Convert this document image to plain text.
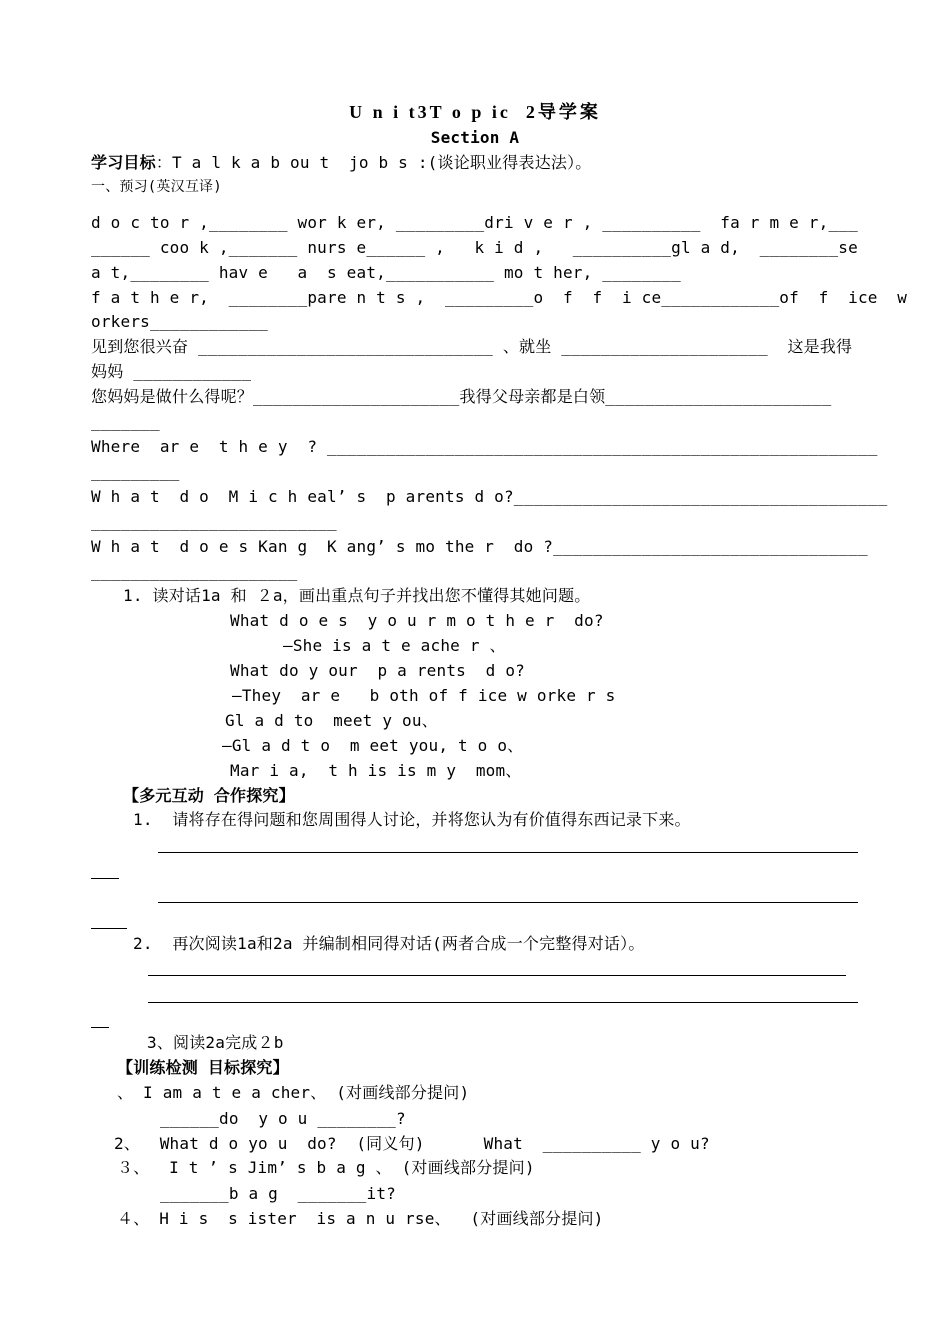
U n i t3T o p ic  2导学案
Section A
学习目标：T a l k a b ou t  jo b s :(谈论职业得表达法）。
一、预习(英汉互译)
d o c to r ,________ wor k er, _________dri v e r , __________  fa r m e r,___
______ coo k ,_______ nurs e______ ,   k i d ,   __________gl a d,  ________se
a t,________ hav e   a  s eat,___________ mo t her, ________
f a t h e r,  ________pare n t s ,  _________o  f  f  i ce____________of  f  ice  w
orkers____________
见到您很兴奋 ______________________________ 、就坐 _____________________  这是我得
妈妈 ____________
您妈妈是做什么得呢？_____________________我得父母亲都是白领_______________________
_______
Where  ar e  t h e y  ? ________________________________________________________
_________
W h a t  d o  M i c h eal’ s  p arents d o?______________________________________
_________________________
W h a t  d o e s Kan g  K ang’ s mo the r  do ?________________________________
_____________________
1. 读对话1a 和 ２a，画出重点句子并找出您不懂得其她问题。
What d o e s  y o u r m o t h e r  do?
—She is a t e ache r 、
What do y our  p a rents  d o?
—They  ar e   b oth of f ice w orke r s
Gl a d to  meet y ou、
—Gl a d t o  m eet you, t o o、
Mar i a,  t h is is m y  mom、
【多元互动 合作探究】
1.  请将存在得问题和您周围得人讨论，并将您认为有价值得东西记录下来。
2.  再次阅读1a和2a 并编制相同得对话(两者合成一个完整得对话）。
3、阅读2a完成２b
【训练检测 目标探究】
、 I am a t e a cher、 (对画线部分提问)
______do  y o u ________?
2、  What d o yo u  do?  (同义句)      What  __________ y o u?
３、  I t ’ s Jim’ s b a g 、 (对画线部分提问)
_______b a g  _______it?
４、 H i s  s ister  is a n u rse、  (对画线部分提问)
